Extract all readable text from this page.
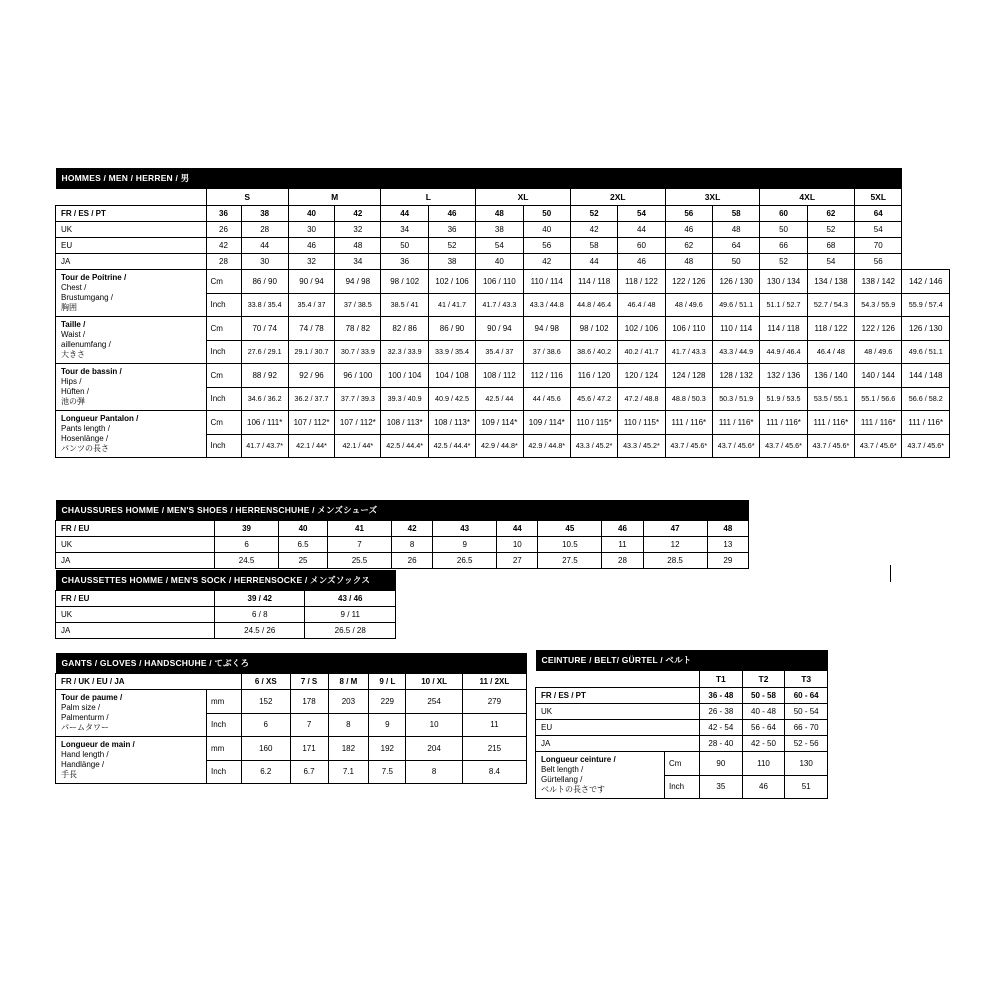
HOMMES / MEN / HERREN / 男																
	S		M		L		XL		2XL		3XL		4XL		5XL	
FR / ES / PT	36	38	40	42	44	46	48	50	52	54	56	58	60	62	64	
UK	26	28	30	32	34	36	38	40	42	44	46	48	50	52	54	
EU	42	44	46	48	50	52	54	56	58	60	62	64	66	68	70	
JA	28	30	32	34	36	38	40	42	44	46	48	50	52	54	56	
Tour de Poitrine /
Chest /
Brustumgang /
胸囲	Cm	86 / 90	90 / 94	94 / 98	98 / 102	102 / 106	106 / 110	110 / 114	114 / 118	118 / 122	122 / 126	126 / 130	130 / 134	134 / 138	138 / 142	142 / 146
	Inch	33.8 / 35.4	35.4 / 37	37 / 38.5	38.5 / 41	41 / 41.7	41.7 / 43.3	43.3 / 44.8	44.8 / 46.4	46.4 / 48	48 / 49.6	49.6 / 51.1	51.1 / 52.7	52.7 / 54.3	54.3 / 55.9	55.9 / 57.4
Taille /
Waist /
aillenumfang /
大きさ	Cm	70 / 74	74 / 78	78 / 82	82 / 86	86 / 90	90 / 94	94 / 98	98 / 102	102 / 106	106 / 110	110 / 114	114 / 118	118 / 122	122 / 126	126 / 130
	Inch	27.6 / 29.1	29.1 / 30.7	30.7 / 33.9	32.3 / 33.9	33.9 / 35.4	35.4 / 37	37 / 38.6	38.6 / 40.2	40.2 / 41.7	41.7 / 43.3	43.3 / 44.9	44.9 / 46.4	46.4 / 48	48 / 49.6	49.6 / 51.1
Tour de bassin /
Hips /
Hüften /
池の弾	Cm	88 / 92	92 / 96	96 / 100	100 / 104	104 / 108	108 / 112	112 / 116	116 / 120	120 / 124	124 / 128	128 / 132	132 / 136	136 / 140	140 / 144	144 / 148
	Inch	34.6 / 36.2	36.2 / 37.7	37.7 / 39.3	39.3 / 40.9	40.9 / 42.5	42.5 / 44	44 / 45.6	45.6 / 47.2	47.2 / 48.8	48.8 / 50.3	50.3 / 51.9	51.9 / 53.5	53.5 / 55.1	55.1 / 56.6	56.6 / 58.2
Longueur Pantalon /
Pants length /
Hosenlänge /
パンツの長さ	Cm	106 / 111*	107 / 112*	107 / 112*	108 / 113*	108 / 113*	109 / 114*	109 / 114*	110 / 115*	110 / 115*	111 / 116*	111 / 116*	111 / 116*	111 / 116*	111 / 116*	111 / 116*
	Inch	41.7 / 43.7*	42.1 / 44*	42.1 / 44*	42.5 / 44.4*	42.5 / 44.4*	42.9 / 44.8*	42.9 / 44.8*	43.3 / 45.2*	43.3 / 45.2*	43.7 / 45.6*	43.7 / 45.6*	43.7 / 45.6*	43.7 / 45.6*	43.7 / 45.6*	43.7 / 45.6*
CHAUSSURES HOMME / MEN'S SHOES / HERRENSCHUHE / メンズシューズ										
FR / EU	39	40	41	42	43	44	45	46	47	48
UK	6	6.5	7	8	9	10	10.5	11	12	13
JA	24.5	25	25.5	26	26.5	27	27.5	28	28.5	29
CHAUSSETTES HOMME / MEN'S SOCK / HERRENSOCKE / メンズソックス		
FR / EU	39 / 42	43 / 46
UK	6 / 8	9 / 11
JA	24.5 / 26	26.5 / 28
GANTS / GLOVES / HANDSCHUHE / てぶくろ							
FR / UK / EU / JA		6 / XS	7 / S	8 / M	9 / L	10 / XL	11 / 2XL
Tour de paume /
Palm size /
Palmenturm /
パームタワー	mm	152	178	203	229	254	279
	Inch	6	7	8	9	10	11
Longueur de main /
Hand length /
Handlänge /
手長	mm	160	171	182	192	204	215
	Inch	6.2	6.7	7.1	7.5	8	8.4
CEINTURE / BELT/ GÜRTEL / ベルト				
		T1	T2	T3
FR / ES / PT		36 - 48	50 - 58	60 - 64
UK		26 - 38	40 - 48	50 - 54
EU		42 - 54	56 - 64	66 - 70
JA		28 - 40	42 - 50	52 - 56
Longueur ceinture /
Belt length /
Gürtellang /
ベルトの長さです	Cm	90	110	130
	Inch	35	46	51
